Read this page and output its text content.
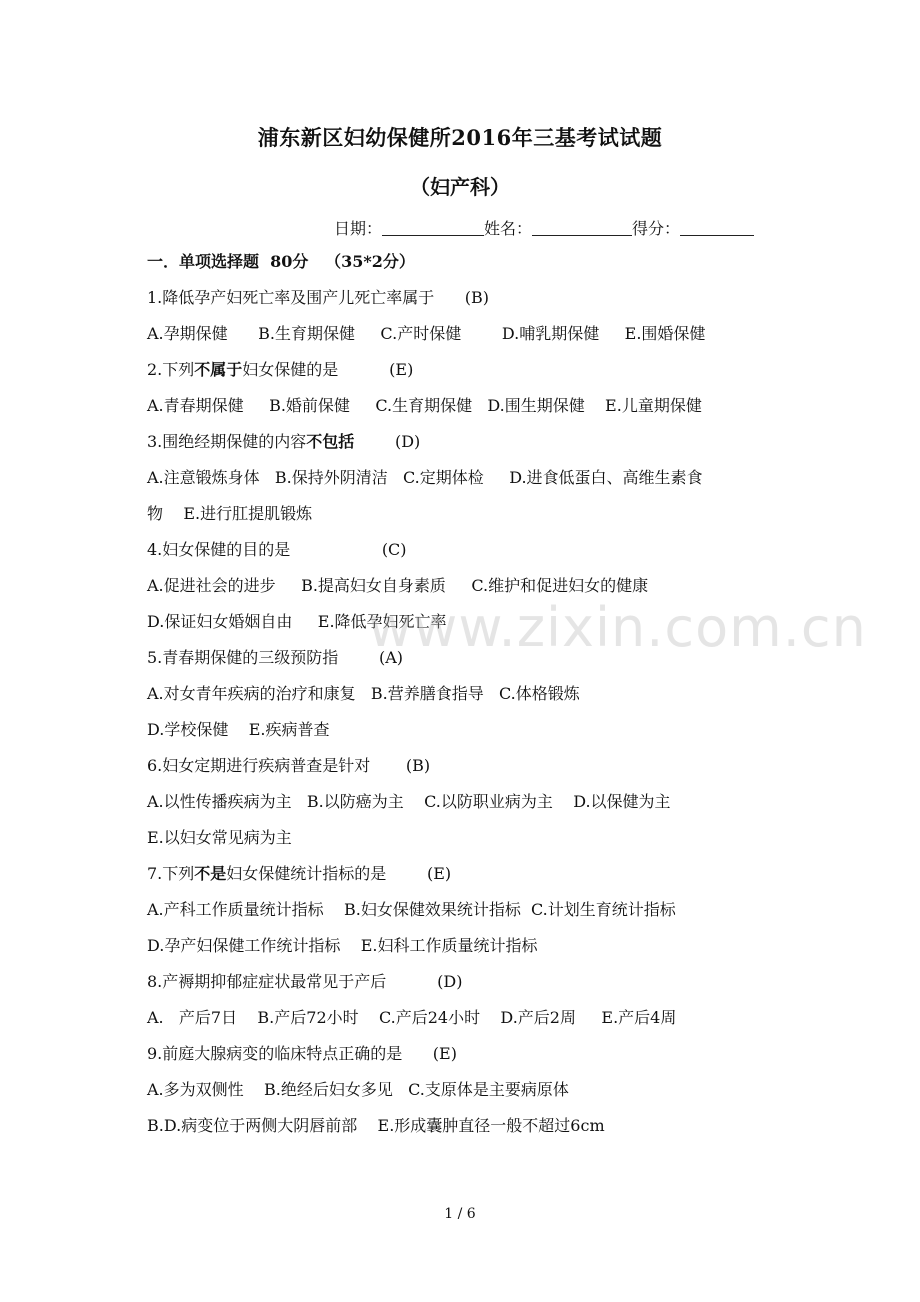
浦东新区妇幼保健所2016年三基考试试题
（妇产科）
日期：	姓名：	得分：
一．单项选择题  80分   （35*2分）
1.降低孕产妇死亡率及围产儿死亡率属于      (B)
A.孕期保健      B.生育期保健     C.产时保健        D.哺乳期保健     E.围婚保健
2.下列不属于妇女保健的是          (E)
A.青春期保健     B.婚前保健     C.生育期保健   D.围生期保健    E.儿童期保健
3.围绝经期保健的内容不包括        (D)
A.注意锻炼身体   B.保持外阴清洁   C.定期体检     D.进食低蛋白、高维生素食
物    E.进行肛提肌锻炼
4.妇女保健的目的是                  (C)
A.促进社会的进步     B.提高妇女自身素质     C.维护和促进妇女的健康
D.保证妇女婚姻自由     E.降低孕妇死亡率
5.青春期保健的三级预防指        (A)
A.对女青年疾病的治疗和康复   B.营养膳食指导   C.体格锻炼
D.学校保健    E.疾病普查
6.妇女定期进行疾病普查是针对       (B)
A.以性传播疾病为主   B.以防癌为主    C.以防职业病为主    D.以保健为主
E.以妇女常见病为主
7.下列不是妇女保健统计指标的是        (E)
A.产科工作质量统计指标    B.妇女保健效果统计指标  C.计划生育统计指标
D.孕产妇保健工作统计指标    E.妇科工作质量统计指标
8.产褥期抑郁症症状最常见于产后          (D)
A.   产后7日    B.产后72小时    C.产后24小时    D.产后2周     E.产后4周
9.前庭大腺病变的临床特点正确的是      (E)
A.多为双侧性    B.绝经后妇女多见   C.支原体是主要病原体
B.D.病变位于两侧大阴唇前部    E.形成囊肿直径一般不超过6cm
www.zixin.com.cn
1 / 6
